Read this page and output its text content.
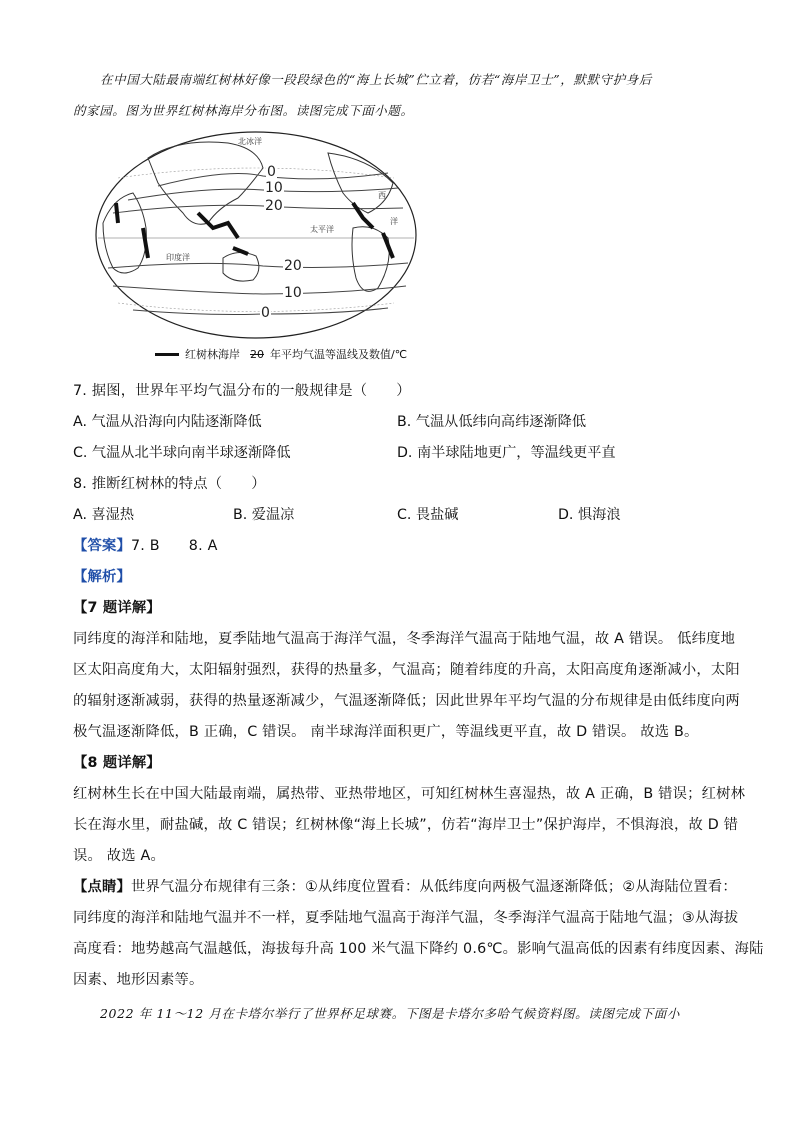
在中国大陆最南端红树林好像一段段绿色的“海上长城”伫立着，仿若“海岸卫士”，默默守护身后
的家园。图为世界红树林海岸分布图。读图完成下面小题。
北冰洋
太平洋
印度洋
西
洋
0
10
20
20
10
0
红树林海岸 20 年平均气温等温线及数值/℃
7. 据图，世界年平均气温分布的一般规律是（　　）
A. 气温从沿海向内陆逐渐降低	B. 气温从低纬向高纬逐渐降低
C. 气温从北半球向南半球逐渐降低	D. 南半球陆地更广，等温线更平直
8. 推断红树林的特点（　　）
A. 喜湿热	B. 爱温凉	C. 畏盐碱	D. 惧海浪
【答案】7. B　　8. A
【解析】
【7 题详解】
同纬度的海洋和陆地，夏季陆地气温高于海洋气温，冬季海洋气温高于陆地气温，故 A 错误。 低纬度地
区太阳高度角大，太阳辐射强烈，获得的热量多，气温高；随着纬度的升高，太阳高度角逐渐减小，太阳
的辐射逐渐减弱，获得的热量逐渐减少，气温逐渐降低；因此世界年平均气温的分布规律是由低纬度向两
极气温逐渐降低，B 正确，C 错误。 南半球海洋面积更广，等温线更平直，故 D 错误。 故选 B。
【8 题详解】
红树林生长在中国大陆最南端，属热带、亚热带地区，可知红树林生喜湿热，故 A 正确，B 错误；红树林
长在海水里，耐盐碱，故 C 错误；红树林像“海上长城”，仿若“海岸卫士”保护海岸，不惧海浪，故 D 错
误。 故选 A。
【点睛】世界气温分布规律有三条：①从纬度位置看：从低纬度向两极气温逐渐降低；②从海陆位置看：
同纬度的海洋和陆地气温并不一样，夏季陆地气温高于海洋气温，冬季海洋气温高于陆地气温；③从海拔
高度看：地势越高气温越低，海拔每升高 100 米气温下降约 0.6℃。影响气温高低的因素有纬度因素、海陆
因素、地形因素等。
2022 年 11～12 月在卡塔尔举行了世界杯足球赛。下图是卡塔尔多哈气候资料图。读图完成下面小
